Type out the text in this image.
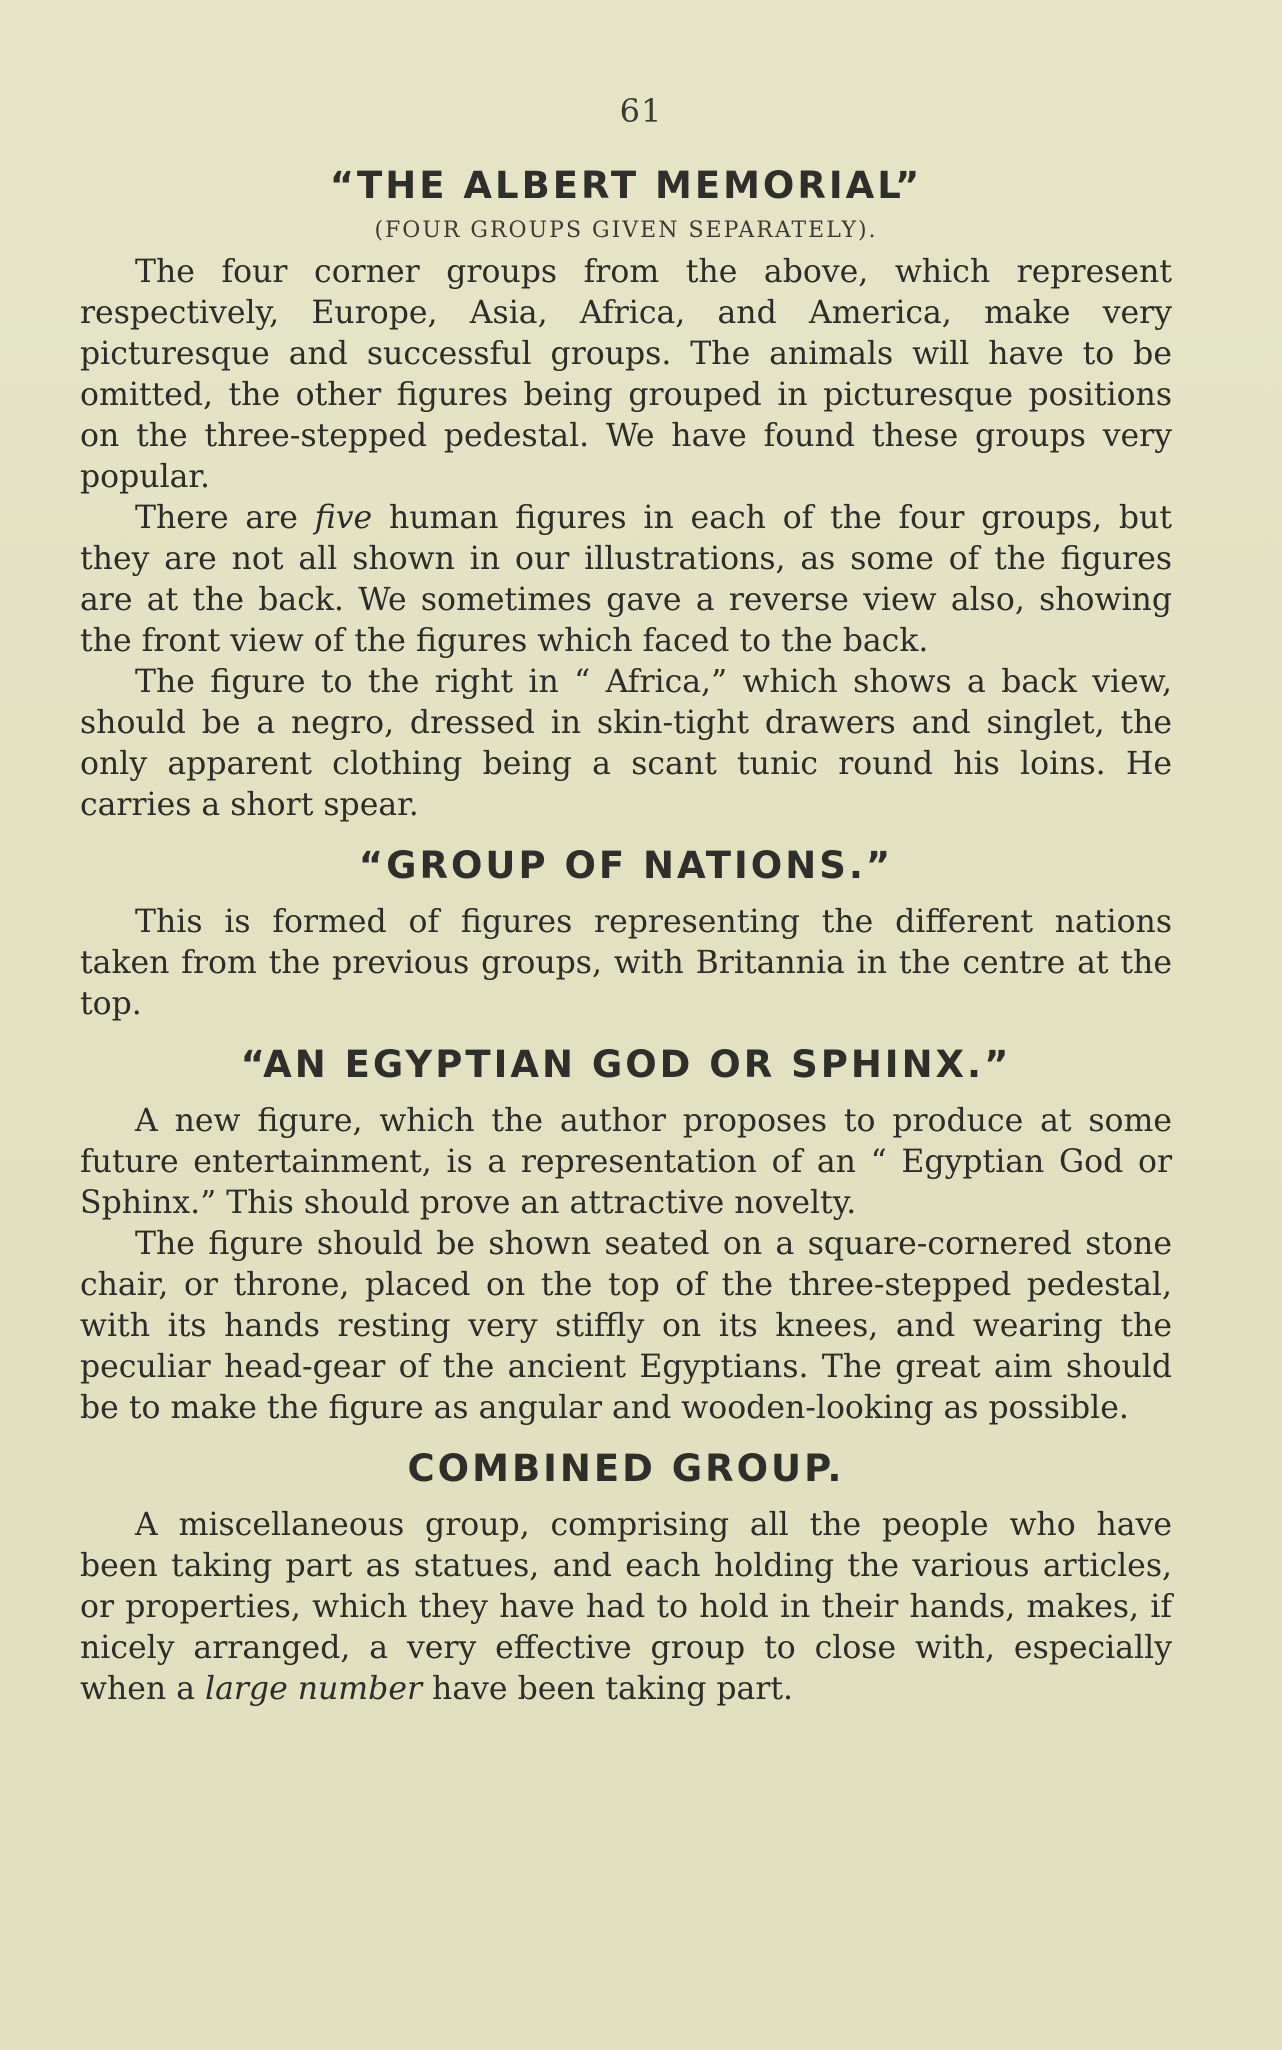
61
“THE ALBERT MEMORIAL”
(FOUR GROUPS GIVEN SEPARATELY).

The four corner groups from the above, which represent respectively, Europe, Asia, Africa, and America, make very picturesque and successful groups. The animals will have to be omitted, the other figures being grouped in picturesque positions on the three-stepped pedestal. We have found these groups very popular.

There are five human figures in each of the four groups, but they are not all shown in our illustrations, as some of the figures are at the back. We sometimes gave a reverse view also, showing the front view of the figures which faced to the back.

The figure to the right in “ Africa,” which shows a back view, should be a negro, dressed in skin-tight drawers and singlet, the only apparent clothing being a scant tunic round his loins. He carries a short spear.

“GROUP OF NATIONS.”

This is formed of figures representing the different nations taken from the previous groups, with Britannia in the centre at the top.

“AN EGYPTIAN GOD OR SPHINX.”

A new figure, which the author proposes to produce at some future entertainment, is a representation of an “ Egyptian God or Sphinx.” This should prove an attractive novelty.

The figure should be shown seated on a square-cornered stone chair, or throne, placed on the top of the three-stepped pedestal, with its hands resting very stiffly on its knees, and wearing the peculiar head-gear of the ancient Egyptians. The great aim should be to make the figure as angular and wooden-looking as possible.

COMBINED GROUP.

A miscellaneous group, comprising all the people who have been taking part as statues, and each holding the various articles, or properties, which they have had to hold in their hands, makes, if nicely arranged, a very effective group to close with, especially when a large number have been taking part.
